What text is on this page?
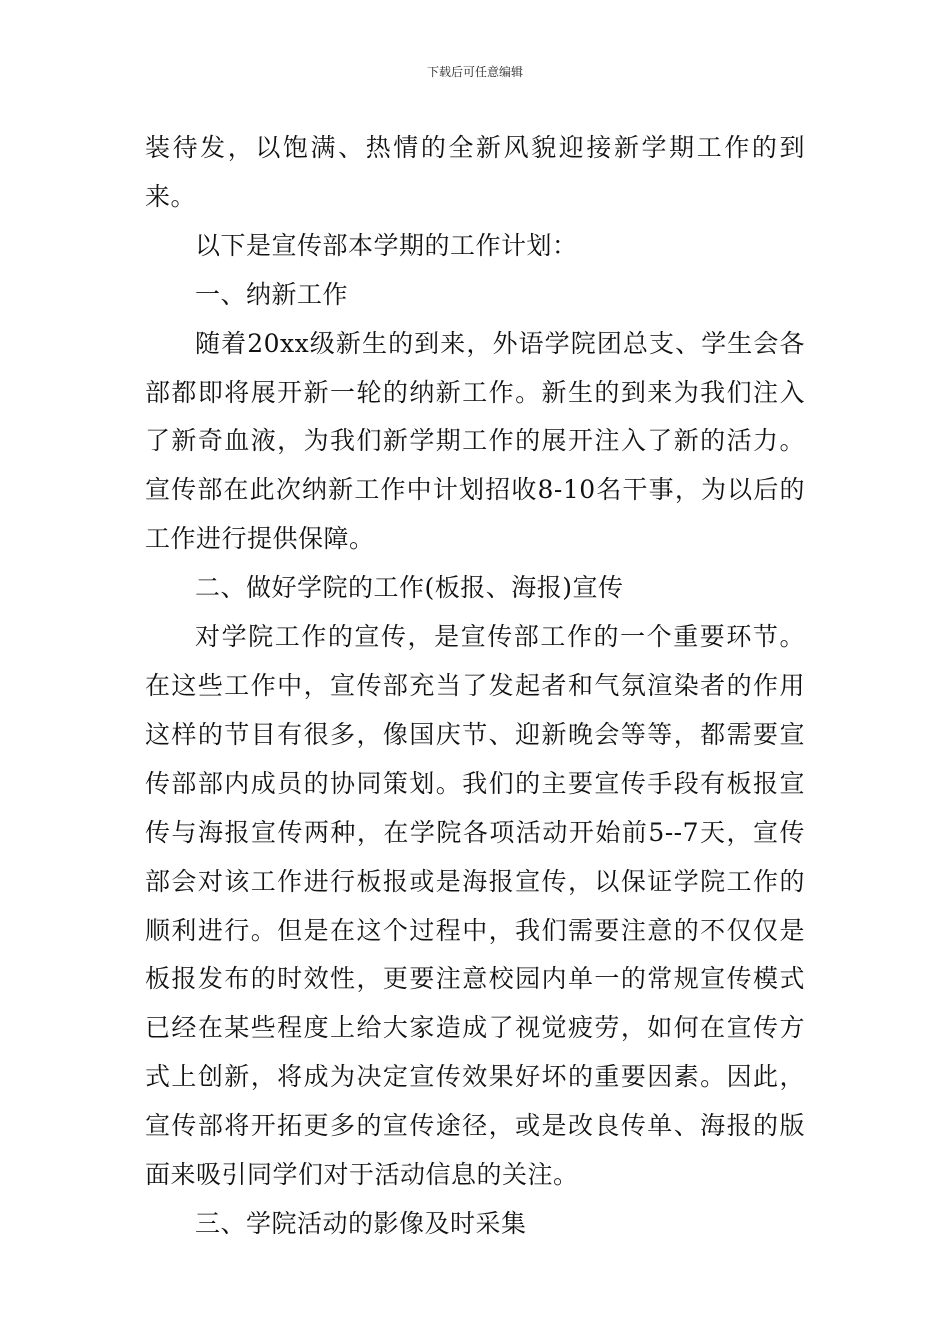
下载后可任意编辑

装待发，以饱满、热情的全新风貌迎接新学期工作的到来。

以下是宣传部本学期的工作计划：

一、纳新工作

随着20xx级新生的到来，外语学院团总支、学生会各部都即将展开新一轮的纳新工作。新生的到来为我们注入了新奇血液，为我们新学期工作的展开注入了新的活力。宣传部在此次纳新工作中计划招收8-10名干事，为以后的工作进行提供保障。

二、做好学院的工作(板报、海报)宣传

对学院工作的宣传，是宣传部工作的一个重要环节。在这些工作中，宣传部充当了发起者和气氛渲染者的作用这样的节目有很多，像国庆节、迎新晚会等等，都需要宣传部部内成员的协同策划。我们的主要宣传手段有板报宣传与海报宣传两种，在学院各项活动开始前5--7天，宣传部会对该工作进行板报或是海报宣传，以保证学院工作的顺利进行。但是在这个过程中，我们需要注意的不仅仅是板报发布的时效性，更要注意校园内单一的常规宣传模式已经在某些程度上给大家造成了视觉疲劳，如何在宣传方式上创新，将成为决定宣传效果好坏的重要因素。因此，宣传部将开拓更多的宣传途径，或是改良传单、海报的版面来吸引同学们对于活动信息的关注。

三、学院活动的影像及时采集
